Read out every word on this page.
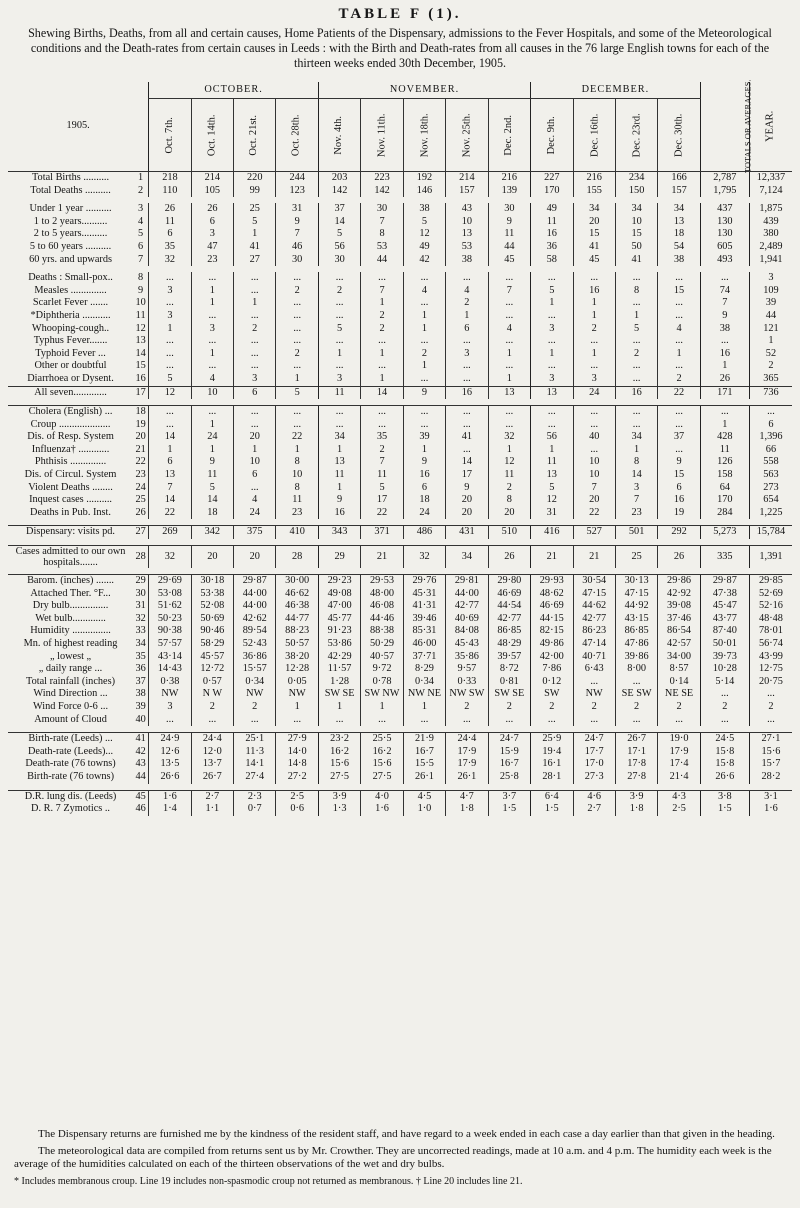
TABLE F (1).

Shewing Births, Deaths, from all and certain causes, Home Patients of the Dispensary, admissions to the Fever Hospitals, and some of the Meteorological conditions and the Death-rates from certain causes in Leeds : with the Birth and Death-rates from all causes in the 76 large English towns for each of the thirteen weeks ended 30th December, 1905.

1905.		OCTOBER.				NOVEMBER.					DECEMBER.				TOTALS OR AVERAGES.	YEAR.
		Oct. 7th.	Oct. 14th.	Oct. 21st.	Oct. 28th.	Nov. 4th.	Nov. 11th.	Nov. 18th.	Nov. 25th.	Dec. 2nd.	Dec. 9th.	Dec. 16th.	Dec. 23rd.	Dec. 30th.		
Total Births ..........	1	218	214	220	244	203	223	192	214	216	227	216	234	166	2,787	12,337
Total Deaths ..........	2	110	105	99	123	142	142	146	157	139	170	155	150	157	1,795	7,124

Under 1 year ..........	3	26	26	25	31	37	30	38	43	30	49	34	34	34	437	1,875
1 to 2 years..........	4	11	6	5	9	14	7	5	10	9	11	20	10	13	130	439
2 to 5 years..........	5	6	3	1	7	5	8	12	13	11	16	15	15	18	130	380
5 to 60 years ..........	6	35	47	41	46	56	53	49	53	44	36	41	50	54	605	2,489
60 yrs. and upwards	7	32	23	27	30	30	44	42	38	45	58	45	41	38	493	1,941

Deaths : Small-pox..	8	...	...	...	...	...	...	...	...	...	...	...	...	...	...	3
Measles ..............	9	3	1	...	2	2	7	4	4	7	5	16	8	15	74	109
Scarlet Fever .......	10	...	1	1	...	...	1	...	2	...	1	1	...	...	7	39
*Diphtheria ...........	11	3	...	...	...	...	2	1	1	...	...	1	1	...	9	44
Whooping-cough..	12	1	3	2	...	5	2	1	6	4	3	2	5	4	38	121
Typhus Fever.......	13	...	...	...	...	...	...	...	...	...	...	...	...	...	...	1
Typhoid Fever ...	14	...	1	...	2	1	1	2	3	1	1	1	2	1	16	52
Other or doubtful	15	...	...	...	...	...	...	1	...	...	...	...	...	...	1	2
Diarrhoea or Dysent.	16	5	4	3	1	3	1	...	...	1	3	3	...	2	26	365
All seven.............	17	12	10	6	5	11	14	9	16	13	13	24	16	22	171	736

Cholera (English) ...	18	...	...	...	...	...	...	...	...	...	...	...	...	...	...	...
Croup ....................	19	...	1	...	...	...	...	...	...	...	...	...	...	...	1	6
Dis. of Resp. System	20	14	24	20	22	34	35	39	41	32	56	40	34	37	428	1,396
Influenza† ............	21	1	1	1	1	1	2	1	...	1	1	...	1	...	11	66
Phthisis ..............	22	6	9	10	8	13	7	9	14	12	11	10	8	9	126	558
Dis. of Circul. System	23	13	11	6	10	11	11	16	17	11	13	10	14	15	158	563
Violent Deaths ........	24	7	5	...	8	1	5	6	9	2	5	7	3	6	64	273
Inquest cases ..........	25	14	14	4	11	9	17	18	20	8	12	20	7	16	170	654
Deaths in Pub. Inst.	26	22	18	24	23	16	22	24	20	20	31	22	23	19	284	1,225

Dispensary: visits pd.	27	269	342	375	410	343	371	486	431	510	416	527	501	292	5,273	15,784

Cases admitted to our own hospitals.......	28	32	20	20	28	29	21	32	34	26	21	21	25	26	335	1,391

Barom. (inches) .......	29	29·69	30·18	29·87	30·00	29·23	29·53	29·76	29·81	29·80	29·93	30·54	30·13	29·86	29·87	29·85
Attached Ther. °F...	30	53·08	53·38	44·00	46·62	49·08	48·00	45·31	44·00	46·69	48·62	47·15	47·15	42·92	47·38	52·69
Dry bulb...............	31	51·62	52·08	44·00	46·38	47·00	46·08	41·31	42·77	44·54	46·69	44·62	44·92	39·08	45·47	52·16
Wet bulb.............	32	50·23	50·69	42·62	44·77	45·77	44·46	39·46	40·69	42·77	44·15	42·77	43·15	37·46	43·77	48·48
Humidity ...............	33	90·38	90·46	89·54	88·23	91·23	88·38	85·31	84·08	86·85	82·15	86·23	86·85	86·54	87·40	78·01
Mn. of highest reading	34	57·57	58·29	52·43	50·57	53·86	50·29	46·00	45·43	48·29	49·86	47·14	47·86	42·57	50·01	56·74
„ lowest „	35	43·14	45·57	36·86	38·20	42·29	40·57	37·71	35·86	39·57	42·00	40·71	39·86	34·00	39·73	43·99
„ daily range ...	36	14·43	12·72	15·57	12·28	11·57	9·72	8·29	9·57	8·72	7·86	6·43	8·00	8·57	10·28	12·75
Total rainfall (inches)	37	0·38	0·57	0·34	0·05	1·28	0·78	0·34	0·33	0·81	0·12	...	...	0·14	5·14	20·75
Wind Direction ...	38	NW	N W	NW	NW	SW SE	SW NW	NW NE	NW SW	SW SE	SW	NW	SE SW	NE SE	...	...
Wind Force 0-6 ...	39	3	2	2	1	1	1	1	2	2	2	2	2	2	2	2
Amount of Cloud	40	...	...	...	...	...	...	...	...	...	...	...	...	...	...	...

Birth-rate (Leeds) ...	41	24·9	24·4	25·1	27·9	23·2	25·5	21·9	24·4	24·7	25·9	24·7	26·7	19·0	24·5	27·1
Death-rate (Leeds)...	42	12·6	12·0	11·3	14·0	16·2	16·2	16·7	17·9	15·9	19·4	17·7	17·1	17·9	15·8	15·6
Death-rate (76 towns)	43	13·5	13·7	14·1	14·8	15·6	15·6	15·5	17·9	16·7	16·1	17·0	17·8	17·4	15·8	15·7
Birth-rate (76 towns)	44	26·6	26·7	27·4	27·2	27·5	27·5	26·1	26·1	25·8	28·1	27·3	27·8	21·4	26·6	28·2

D.R. lung dis. (Leeds)	45	1·6	2·7	2·3	2·5	3·9	4·0	4·5	4·7	3·7	6·4	4·6	3·9	4·3	3·8	3·1
D. R. 7 Zymotics ..	46	1·4	1·1	0·7	0·6	1·3	1·6	1·0	1·8	1·5	1·5	2·7	1·8	2·5	1·5	1·6

The Dispensary returns are furnished me by the kindness of the resident staff, and have regard to a week ended in each case a day earlier than that given in the heading.

The meteorological data are compiled from returns sent us by Mr. Crowther. They are uncorrected readings, made at 10 a.m. and 4 p.m. The humidity each week is the average of the humidities calculated on each of the thirteen observations of the wet and dry bulbs.

* Includes membranous croup. Line 19 includes non-spasmodic croup not returned as membranous. † Line 20 includes line 21.
